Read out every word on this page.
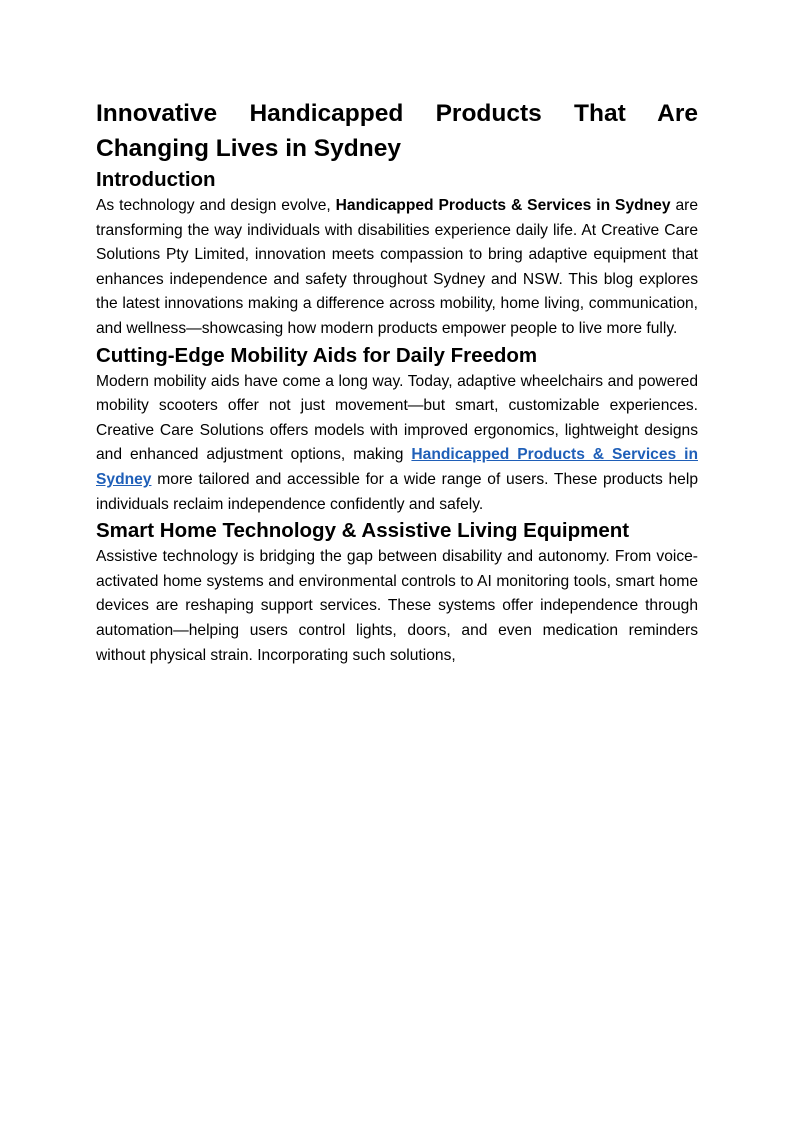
Innovative Handicapped Products That Are Changing Lives in Sydney
Introduction

As technology and design evolve, Handicapped Products & Services in Sydney are transforming the way individuals with disabilities experience daily life. At Creative Care Solutions Pty Limited, innovation meets compassion to bring adaptive equipment that enhances independence and safety throughout Sydney and NSW. This blog explores the latest innovations making a difference across mobility, home living, communication, and wellness—showcasing how modern products empower people to live more fully.

Cutting-Edge Mobility Aids for Daily Freedom

Modern mobility aids have come a long way. Today, adaptive wheelchairs and powered mobility scooters offer not just movement—but smart, customizable experiences. Creative Care Solutions offers models with improved ergonomics, lightweight designs and enhanced adjustment options, making Handicapped Products & Services in Sydney more tailored and accessible for a wide range of users. These products help individuals reclaim independence confidently and safely.

Smart Home Technology & Assistive Living Equipment

Assistive technology is bridging the gap between disability and autonomy. From voice-activated home systems and environmental controls to AI monitoring tools, smart home devices are reshaping support services. These systems offer independence through automation—helping users control lights, doors, and even medication reminders without physical strain. Incorporating such solutions,
